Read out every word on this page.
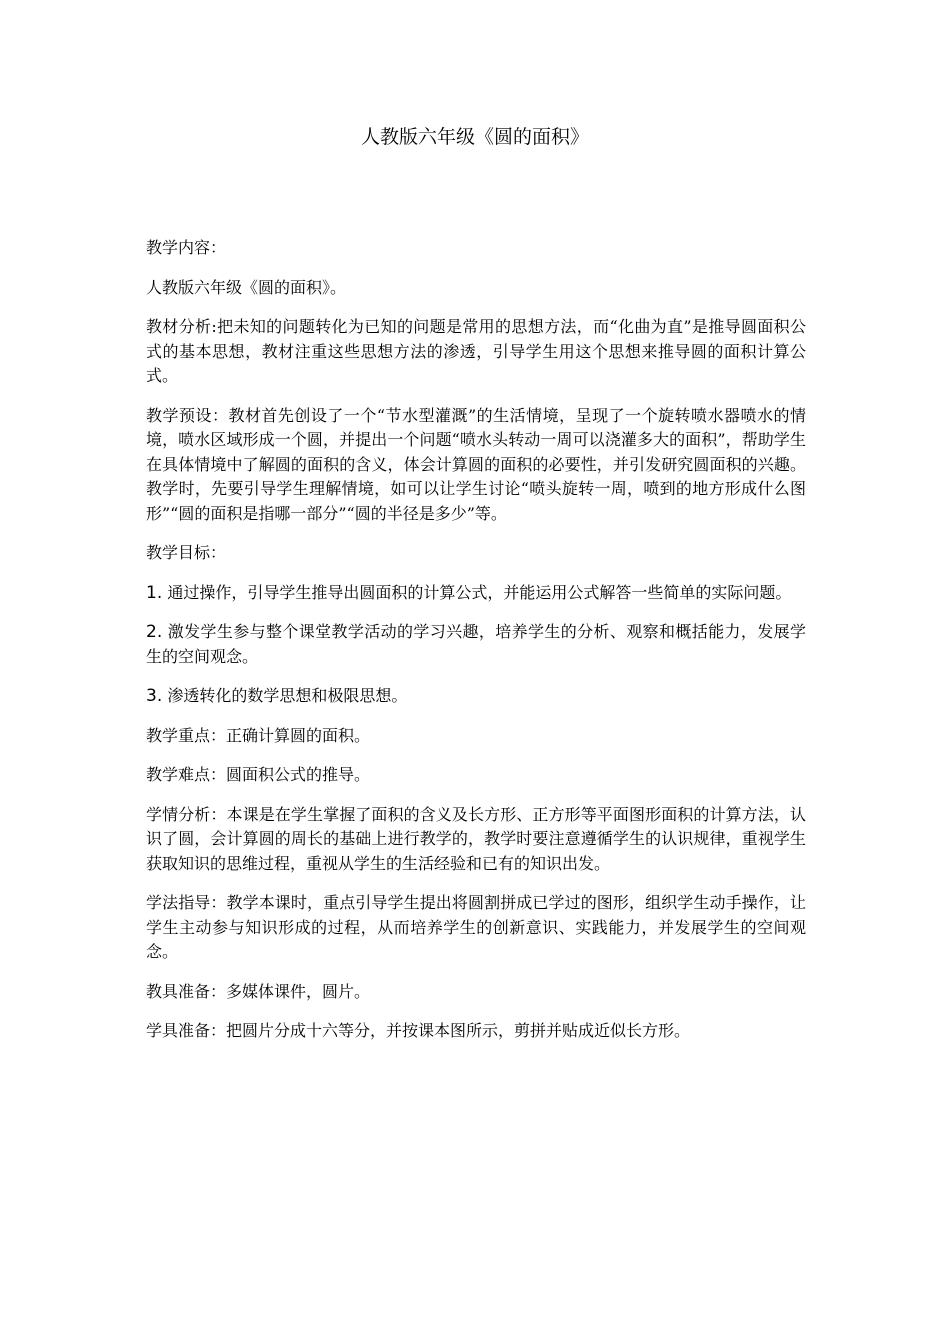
人教版六年级《圆的面积》

教学内容：

人教版六年级《圆的面积》。

教材分析:把未知的问题转化为已知的问题是常用的思想方法，而“化曲为直”是推导圆面积公式的基本思想，教材注重这些思想方法的渗透，引导学生用这个思想来推导圆的面积计算公式。

教学预设：教材首先创设了一个“节水型灌溉”的生活情境，呈现了一个旋转喷水器喷水的情境，喷水区域形成一个圆，并提出一个问题“喷水头转动一周可以浇灌多大的面积”，帮助学生在具体情境中了解圆的面积的含义，体会计算圆的面积的必要性，并引发研究圆面积的兴趣。教学时，先要引导学生理解情境，如可以让学生讨论“喷头旋转一周，喷到的地方形成什么图形”“圆的面积是指哪一部分”“圆的半径是多少”等。

教学目标：

1. 通过操作，引导学生推导出圆面积的计算公式，并能运用公式解答一些简单的实际问题。

2. 激发学生参与整个课堂教学活动的学习兴趣，培养学生的分析、观察和概括能力，发展学生的空间观念。

3. 渗透转化的数学思想和极限思想。

教学重点：正确计算圆的面积。

教学难点：圆面积公式的推导。

学情分析：本课是在学生掌握了面积的含义及长方形、正方形等平面图形面积的计算方法，认识了圆，会计算圆的周长的基础上进行教学的，教学时要注意遵循学生的认识规律，重视学生获取知识的思维过程，重视从学生的生活经验和已有的知识出发。

学法指导：教学本课时，重点引导学生提出将圆割拼成已学过的图形，组织学生动手操作，让学生主动参与知识形成的过程，从而培养学生的创新意识、实践能力，并发展学生的空间观念。

教具准备：多媒体课件，圆片。

学具准备：把圆片分成十六等分，并按课本图所示，剪拼并贴成近似长方形。
